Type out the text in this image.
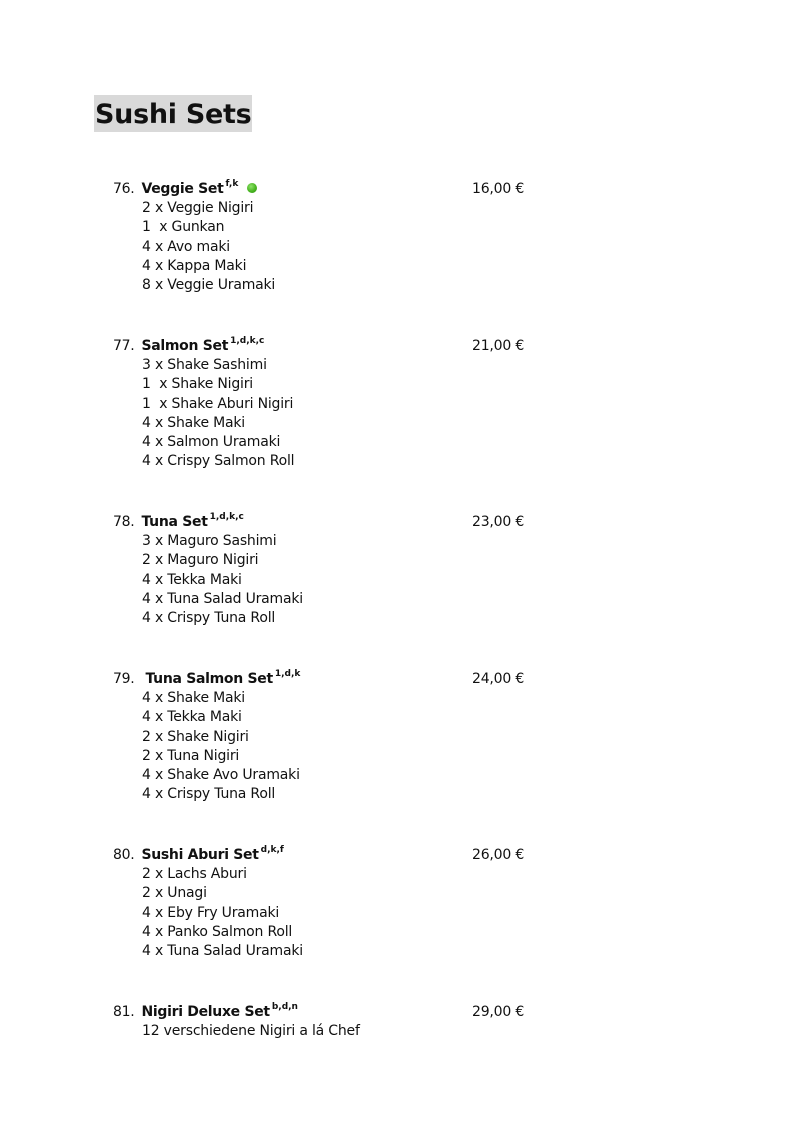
Sushi Sets
76. Veggie Set $^{f,k}$	16,00 €
2 x Veggie Nigiri
1  x Gunkan
4 x Avo maki
4 x Kappa Maki
8 x Veggie Uramaki
77. Salmon Set $^{1,d,k,c}$	21,00 €
3 x Shake Sashimi
1  x Shake Nigiri
1  x Shake Aburi Nigiri
4 x Shake Maki
4 x Salmon Uramaki
4 x Crispy Salmon Roll
78. Tuna Set $^{1,d,k,c}$	23,00 €
3 x Maguro Sashimi
2 x Maguro Nigiri
4 x Tekka Maki
4 x Tuna Salad Uramaki
4 x Crispy Tuna Roll
79. Tuna Salmon Set $^{1,d,k}$	24,00 €
4 x Shake Maki
4 x Tekka Maki
2 x Shake Nigiri
2 x Tuna Nigiri
4 x Shake Avo Uramaki
4 x Crispy Tuna Roll
80. Sushi Aburi Set $^{d,k,f}$	26,00 €
2 x Lachs Aburi
2 x Unagi
4 x Eby Fry Uramaki
4 x Panko Salmon Roll
4 x Tuna Salad Uramaki
81. Nigiri Deluxe Set $^{b,d,n}$	29,00 €
12 verschiedene Nigiri a lá Chef
